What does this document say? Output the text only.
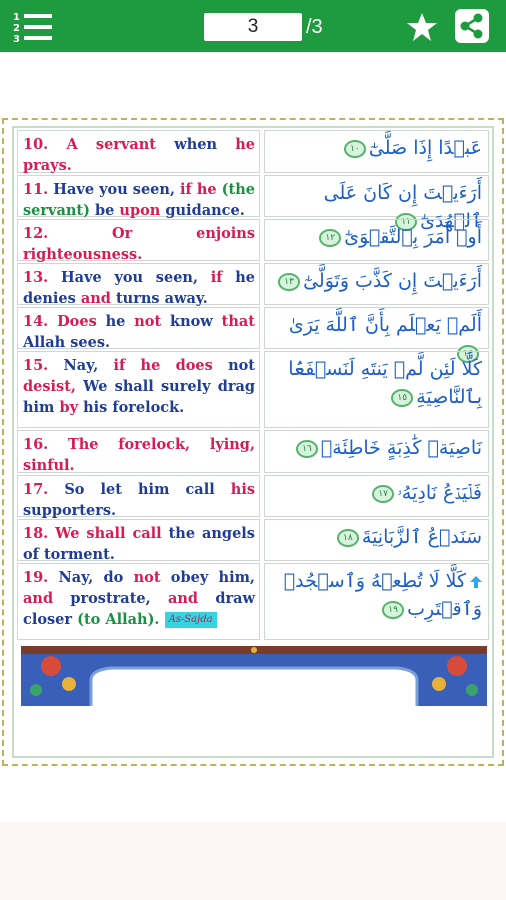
1
2
3
3	/3
10. A servant when he prays.
عَبۡدًا إِذَا صَلَّىٰٓ١٠
11. Have you seen, if he (the servant) be upon guidance.
أَرَءَيۡتَ إِن كَانَ عَلَى ٱلۡهُدَىٰٓ١١
12.	Or enjoins righteousness.
أَوۡ أَمَرَ بِٱلتَّقۡوَىٰٓ١٢
13. Have you seen, if he denies and turns away.
أَرَءَيۡتَ إِن كَذَّبَ وَتَوَلَّىٰٓ١٣
14. Does he not know that Allah sees.
أَلَمۡ يَعۡلَم بِأَنَّ ٱللَّهَ يَرَىٰ١٤
15. Nay, if he does not desist, We shall surely drag him by his forelock.
كَلَّا لَئِن لَّمۡ يَنتَهِ لَنَسۡفَعَۢا بِٱلنَّاصِيَةِ١٥
16. The forelock, lying, sinful.
نَاصِيَةٖ كَٰذِبَةٍ خَاطِئَةٖ١٦
17. So let him call his supporters.
فَلۡيَدۡعُ نَادِيَهُۥ١٧
18. We shall call the angels of torment.
سَنَدۡعُ ٱلزَّبَانِيَةَ١٨
19. Nay, do not obey him, and prostrate, and draw closer (to Allah). As-Sajda
كَلَّا لَا تُطِعۡهُ وَٱسۡجُدۡ وَٱقۡتَرِب١٩
